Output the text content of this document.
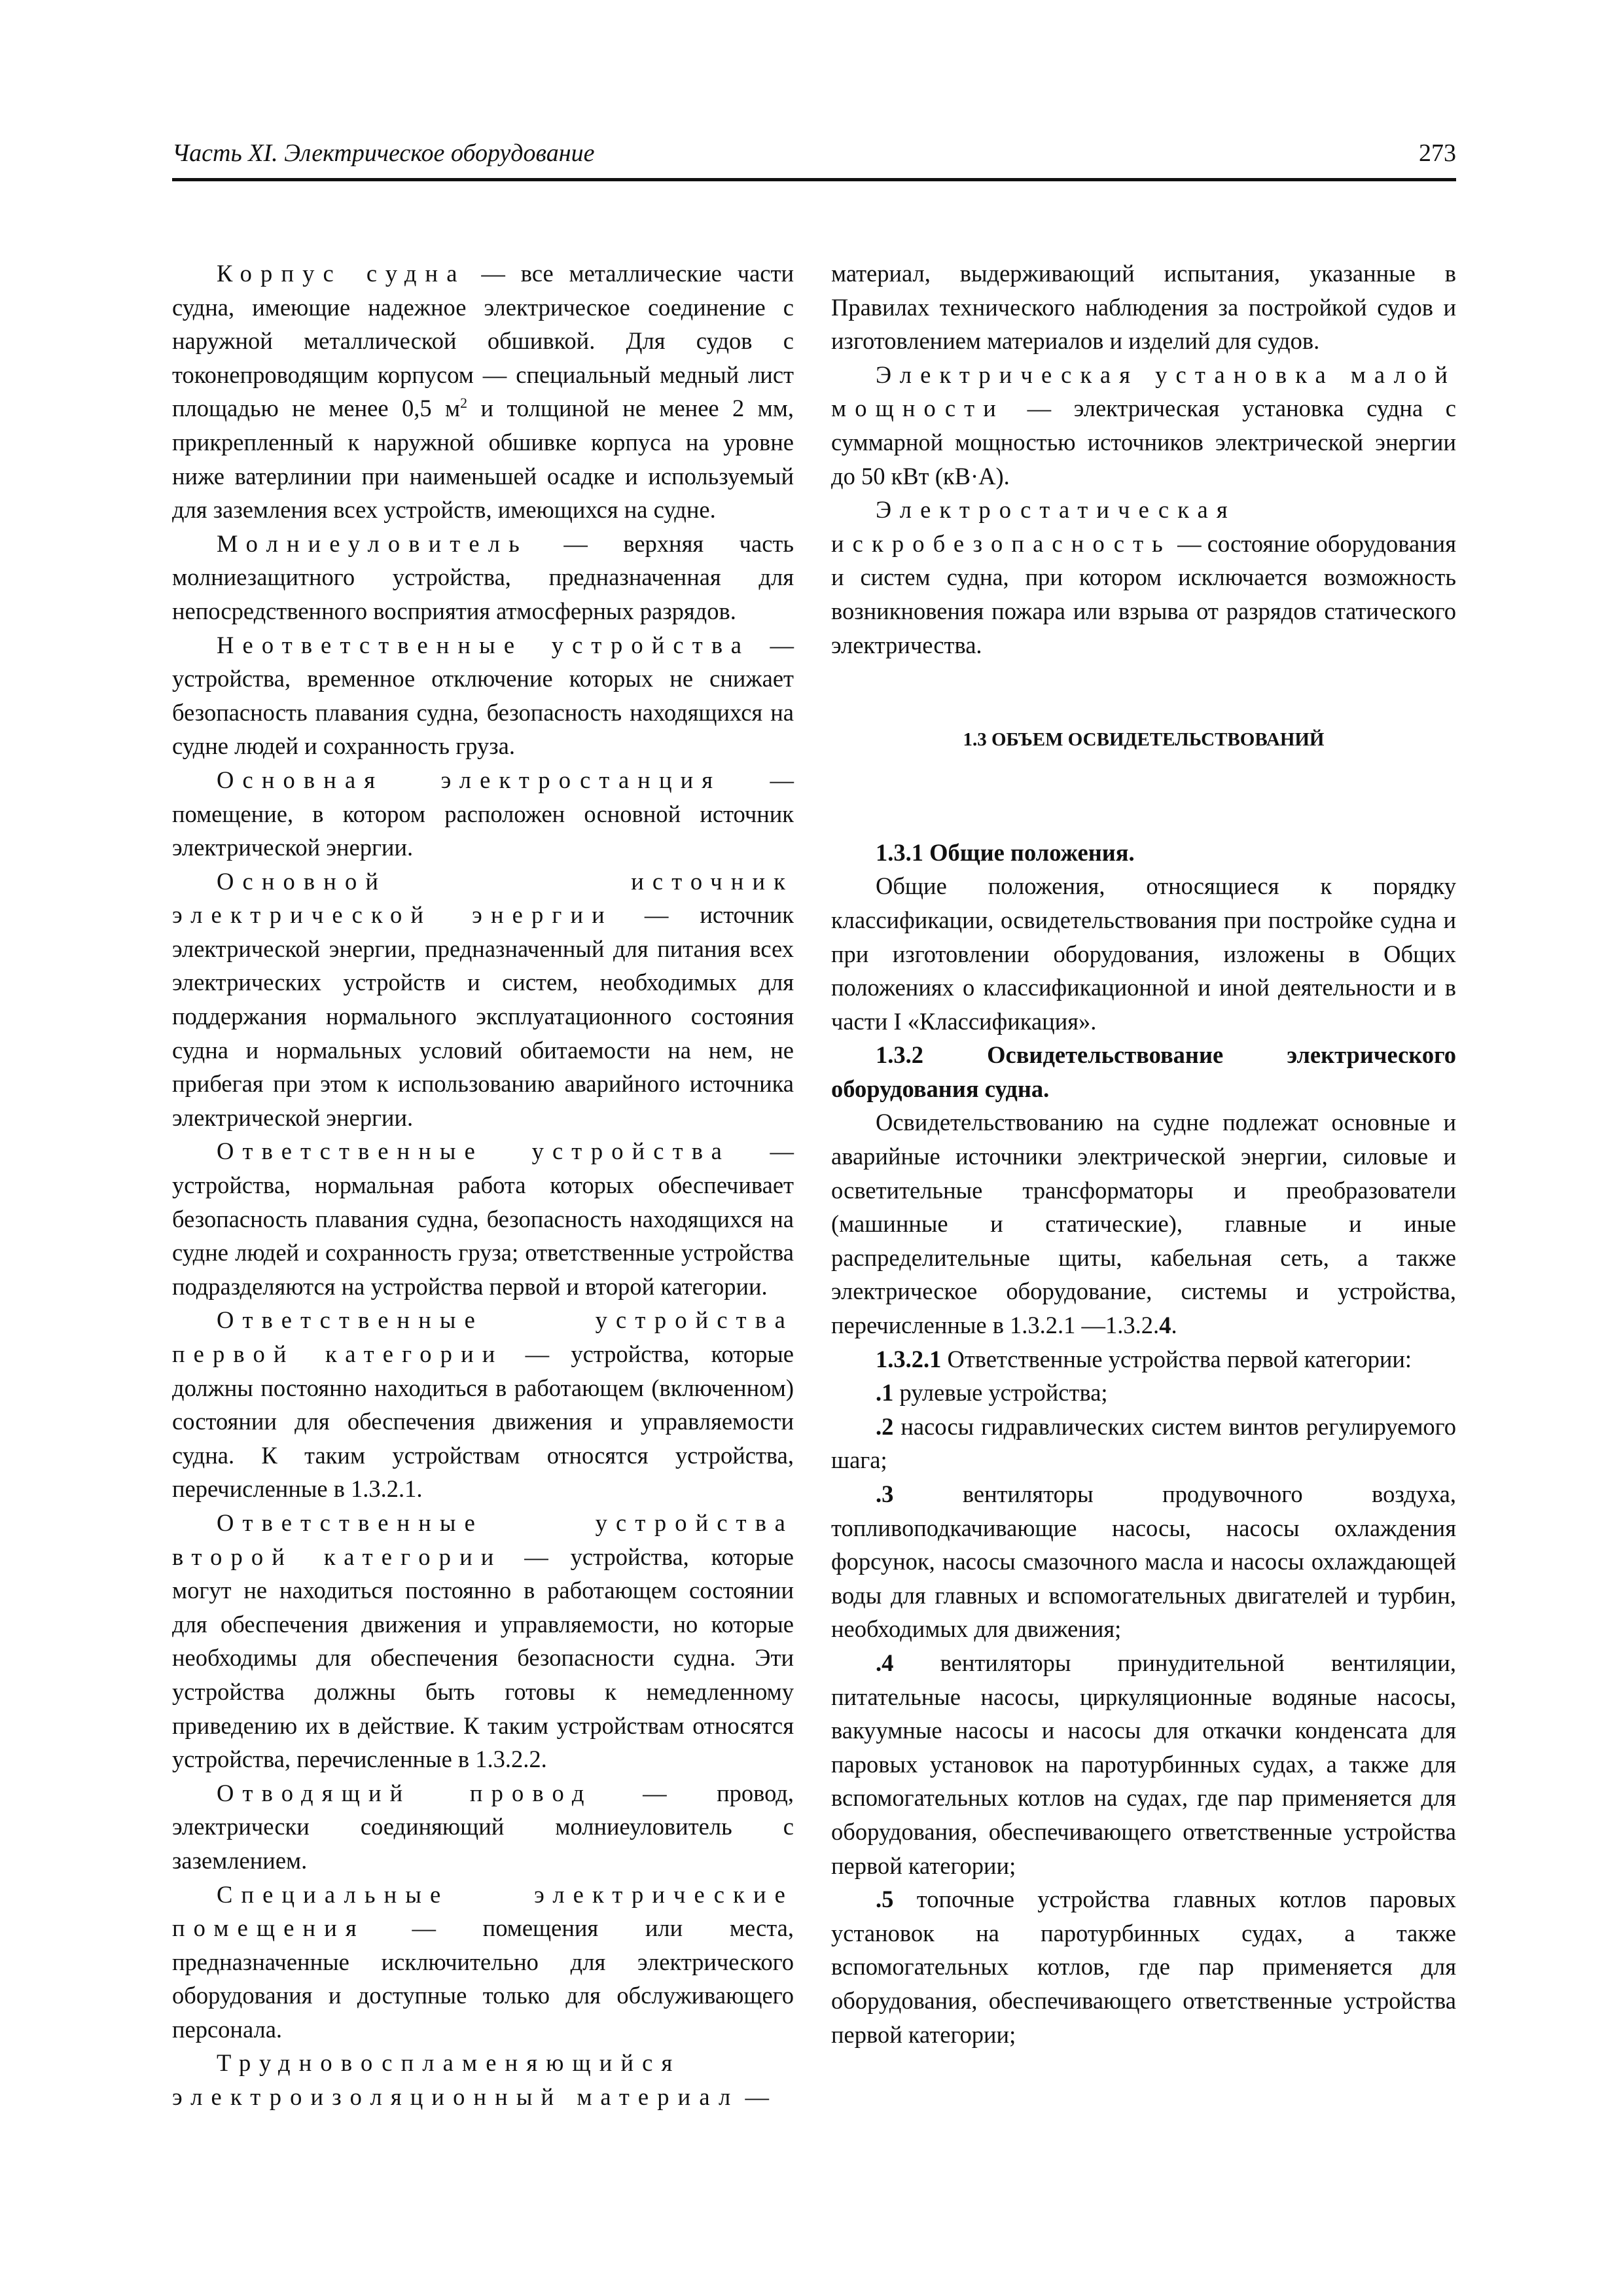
Часть XI. Электрическое оборудование	273

Корпус судна — все металлические части судна, имеющие надежное электрическое соединение с наружной металлической обшивкой. Для судов с токонепроводящим корпусом — специальный медный лист площадью не менее 0,5 $м^2$ и толщиной не менее 2 мм, прикрепленный к наружной обшивке корпуса на уровне ниже ватерлинии при наименьшей осадке и используемый для заземления всех устройств, имеющихся на судне.

Молниеуловитель — верхняя часть молниезащитного устройства, предназначенная для непосредственного восприятия атмосферных разрядов.

Неответственные устройства — устройства, временное отключение которых не снижает безопасность плавания судна, безопасность находящихся на судне людей и сохранность груза.

Основная электростанция — помещение, в котором расположен основной источник электрической энергии.

Основной источник электрической энергии — источник электрической энергии, предназначенный для питания всех электрических устройств и систем, необходимых для поддержания нормального эксплуатационного состояния судна и нормальных условий обитаемости на нем, не прибегая при этом к использованию аварийного источника электрической энергии.

Ответственные устройства — устройства, нормальная работа которых обеспечивает безопасность плавания судна, безопасность находящихся на судне людей и сохранность груза; ответственные устройства подразделяются на устройства первой и второй категории.

Ответственные устройства первой категории — устройства, которые должны постоянно находиться в работающем (включенном) состоянии для обеспечения движения и управляемости судна. К таким устройствам относятся устройства, перечисленные в 1.3.2.1.

Ответственные устройства второй категории — устройства, которые могут не находиться постоянно в работающем состоянии для обеспечения движения и управляемости, но которые необходимы для обеспечения безопасности судна. Эти устройства должны быть готовы к немедленному приведению их в действие. К таким устройствам относятся устройства, перечисленные в 1.3.2.2.

Отводящий провод — провод, электрически соединяющий молниеуловитель с заземлением.

Специальные электрические помещения — помещения или места, предназначенные исключительно для электрического оборудования и доступные только для обслуживающего персонала.

Трудновоспламеняющийся электроизоляционный материал —

материал, выдерживающий испытания, указанные в Правилах технического наблюдения за постройкой судов и изготовлением материалов и изделий для судов.

Электрическая установка малой мощности — электрическая установка судна с суммарной мощностью источников электрической энергии до 50 кВт (кВ·А).

Электростатическая искробезопасность — состояние оборудования и систем судна, при котором исключается возможность возникновения пожара или взрыва от разрядов статического электричества.

1.3 ОБЪЕМ ОСВИДЕТЕЛЬСТВОВАНИЙ

1.3.1 Общие положения.

Общие положения, относящиеся к порядку классификации, освидетельствования при постройке судна и при изготовлении оборудования, изложены в Общих положениях о классификационной и иной деятельности и в части I «Классификация».

1.3.2 Освидетельствование электрического оборудования судна.

Освидетельствованию на судне подлежат основные и аварийные источники электрической энергии, силовые и осветительные трансформаторы и преобразователи (машинные и статические), главные и иные распределительные щиты, кабельная сеть, а также электрическое оборудование, системы и устройства, перечисленные в 1.3.2.1 —1.3.2.4.

1.3.2.1 Ответственные устройства первой категории:

.1 рулевые устройства;

.2 насосы гидравлических систем винтов регулируемого шага;

.3 вентиляторы продувочного воздуха, топливоподкачивающие насосы, насосы охлаждения форсунок, насосы смазочного масла и насосы охлаждающей воды для главных и вспомогательных двигателей и турбин, необходимых для движения;

.4 вентиляторы принудительной вентиляции, питательные насосы, циркуляционные водяные насосы, вакуумные насосы и насосы для откачки конденсата для паровых установок на паротурбинных судах, а также для вспомогательных котлов на судах, где пар применяется для оборудования, обеспечивающего ответственные устройства первой категории;

.5 топочные устройства главных котлов паровых установок на паротурбинных судах, а также вспомогательных котлов, где пар применяется для оборудования, обеспечивающего ответственные устройства первой категории;
